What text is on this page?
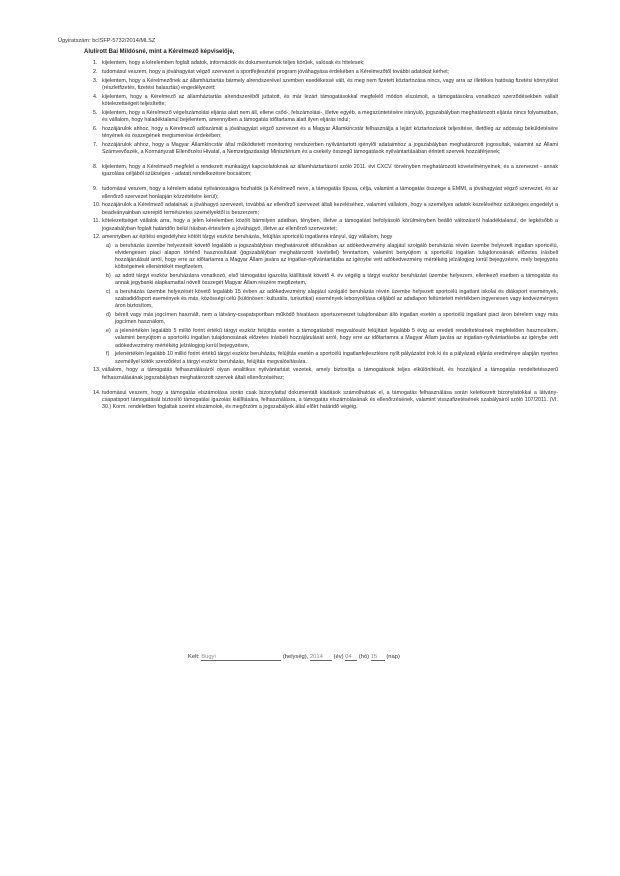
Ügyiratszám: bcISFP-5732/2014/MLSZ
Alulírott Bai Mildósné, mint a Kérelmező képviselője,
1. kijelentem, hogy a kérelemben foglalt adatok, információk és dokumentumok teljes körűek, valósak és hitelesek;
2. tudomásul veszem, hogy a jóváhagyást végző szervezet a sportfejlesztési program jóváhagyása érdekében a Kérelmezőtől további adatokat kérhet;
3. kijelentem, hogy a Kérelmezőnek az államháztartás bármely alrendszerével szemben esedékessé vált, és meg nem fizetett köztartozása nincs, vagy arra az illetékes hatóság fizetési könnyítést (részletfizetés, fizetési halasztás) engedélyezett;
4. kijelentem, hogy a Kérelmező az államháztartás alrendszeréből juttatott, és már lezárt támogatásokkal megfelelő módon elszámolt, a támogatásokra vonatkozó szerződésekben vállalt kötelezettségeit teljesítette;
5. kijelentem, hogy a Kérelmező végelszámolási eljárás alatt nem áll, ellene csőd-, felszámolási-, illetve egyéb, a megszüntetésére irányuló, jogszabályban meghatározott eljárás nincs folyamatban, és vállalom, hogy haladéktalanul bejelentem, amennyiben a támogatás időtartama alatt ilyen eljárás indul;
6. hozzájárulok ahhoz, hogy a Kérelmező adószámát a jóváhagyást végző szervezet és a Magyar Államkincstár felhasználja a lejárt köztartozások teljesítése, illetőleg az adósság beküldetésére tényének és összegének megismerése érdekében;
7. hozzájárulok ahhoz, hogy a Magyar Államkincstár által működtetett monitoring rendszerben nyilvántartott igénylői adataimhoz a jogszabályban meghatározott jogosultak, valamint az Állami Számvevőszék, a Kormányzati Ellenőrzési Hivatal, a Nemzetgazdasági Minisztérium és a csekély összegű támogatások nyilvántartásában érintett szervek hozzáférjenek;
8. kijelentem, hogy a Kérelmező megfelel a rendezett munkaügyi kapcsolatoknak az államháztartásról szóló 2011. évi CXCV. törvényben meghatározott követelményeinek, és a szervezet - annak igazolása céljából szükséges - adatait rendelkezésre bocsátom;
9. tudomásul veszem, hogy a kérelem adatai nyilvánosságra hozhatók (a Kérelmező neve, a támogatás típusa, célja, valamint a támogatás összege a EMMI, a jóváhagyást végző szervezet, és az ellenőrző szervezet honlapján közzétételre kerül);
10. hozzájárulok a Kérelmező adatainak a jóváhagyó szervezet, továbbá az ellenőrző szervezet általi kezeléséhez, valamint vállalom, hogy a személyes adatok kezeléséhez szükséges engedélyt a beadványainban szereplő természetes személyektől is beszerzem;
11. kötelezettséget vállalok arra, hogy a jelen kérelemben közölt bármilyen adatban, tényben, illetve a támogatást befolyásoló körülményben beálló változásról haladéktalanul, de legkésőbb a jogszabályban foglalt határidőn belül írásban értesítem a jóváhagyó, illetve az ellenőrző szervezetet;
12. amennyiben az építési engedélyhez kötött tárgyi eszköz beruházás, felújítás sportcélú ingatlanra irányul, úgy vállalom, hogy
a) a beruházás üzembe helyezését követő legalább a jogszabályban meghatározott időszakban az adókedvezmény alapjául szolgáló beruházás révén üzembe helyezett ingatlan sportcélú, elvidengesen piaci alapon történő hasznosítását (jogszabályban meghatározott kivétellel) fenntartom, valamint benyújtom a sportcélú ingatlan tulajdonosának előzetes írásbeli hozzájárulását arról, hogy erre az időtartamra a Magyar Állam javára az ingatlan-nyilvántartásba az igénybe vett adókedvezmény mértékéig jelzálogjog kerül bejegyzésre, mely bejegyzés költségeinek ellenértékét megfizetem,
b) az adott tárgyi eszköz beruházásra vonatkozó, első támogatási igazolás kiállítását követő 4. év végéig a tárgyi eszköz beruházást üzembe helyezem, ellenkező esetben a támogatás és annak jegybanki alapkamattal növelt összegét Magyar Állam részére megfizetem,
c) a beruházás üzembe helyezését követő legalább 15 évben az adókedvezmény alapjául szolgáló beruházás révén üzembe helyezett sportcélú ingatlant iskolai és diáksport események, szabadidősport események és más, közösségi célú (különösen: kulturális, turisztikai) események lebonyolítása céljából az adatlapon feltüntetett mértékben ingyenesen vagy kedvezményes áron biztosítom,
d) bérelt vagy más jogcímen használt, nem a látvány-csapatsportban működő hivatásos sportszervezet tulajdonában álló ingatlan esetén a sportcélú ingatlant piaci áron bérelem vagy más jogcímen használom,
e) a jelenértékén legalább 5 millió forint értékű tárgyi eszköz felújítás esetén a támogatásból megvalósuló felújítást legalább 5 évig az eredeti rendeltetésének megfelelően hasznosítom, valamint benyújtom a sportcélú ingatlan tulajdonosának előzetes írásbeli hozzájárulását arról, hogy erre az időtartamra a Magyar Állam javára az ingatlan-nyilvántartásba az igénybe vett adókedvezmény mértékéig jelzálogjog kerül bejegyzésre,
f) jelenértékén legalább 10 millió forint értékű tárgyi eszköz beruházás, felújítás esetén a sportcélú ingatlanfejlesztésre nyílt pályázatot írok ki és a pályázati eljárás eredménye alapján nyertes személlyel kötök szerződést a tárgyi eszköz beruházás, felújítás megvalósítására.
13. vállalom, hogy a támogatás felhasználásáról olyan analitikus nyilvántartást vezetek, amely biztosítja a támogatások teljes elkülönítését, és hozzájárul a támogatás rendeltetésszerű felhasználásának jogszabályban meghatározott szervek általi ellenőrzéséhez;
14. tudomásul veszem, hogy a támogatás elszámolása során csak bizonylattal dokumentált kiadások számolhatóak el, a támogatás felhasználása során keletkezett bizonylatokkal a látvány-csapatsport támogatását biztosító támogatási igazolás kiállítására, felhasználásra, a támogatás elszámolásának és ellenőrzésének, valamint visszafizetésének szabályairól szóló 107/2011. (VI. 30.) Korm. rendeletben foglaltak szerint elszámolok, és megőrzöm a jogszabályok által előírt határidő végéig.
Kelt: Bugyi	(helység), 2014 (év) 04 (hó) 15 (nap)
